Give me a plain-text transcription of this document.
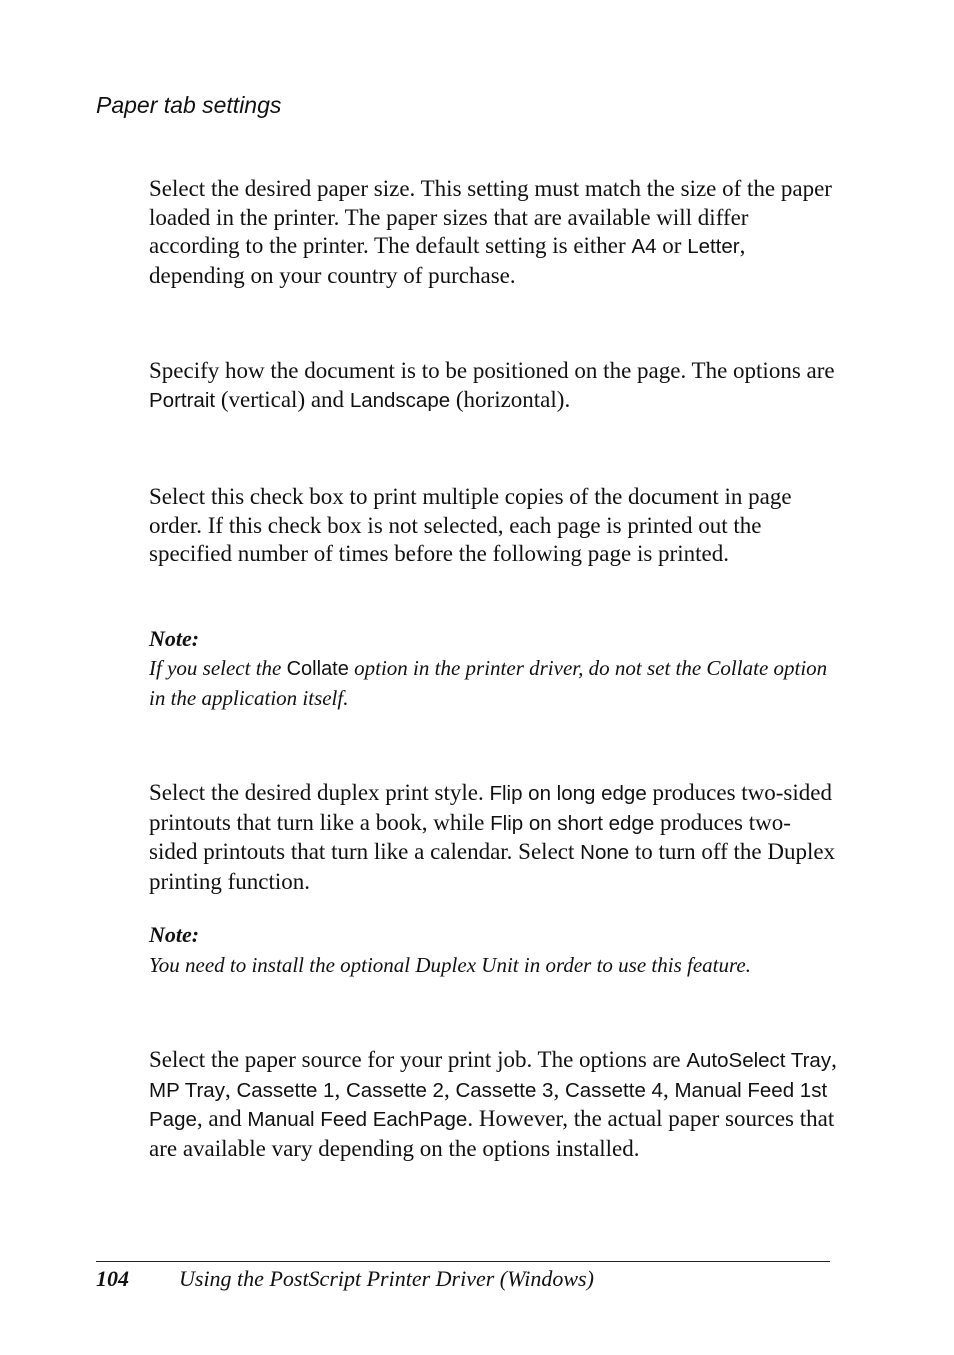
Paper tab settings

Select the desired paper size. This setting must match the size of the paper loaded in the printer. The paper sizes that are available will differ according to the printer. The default setting is either A4 or Letter, depending on your country of purchase.

Specify how the document is to be positioned on the page. The options are Portrait (vertical) and Landscape (horizontal).

Select this check box to print multiple copies of the document in page order. If this check box is not selected, each page is printed out the specified number of times before the following page is printed.

Note:

If you select the Collate option in the printer driver, do not set the Collate option in the application itself.

Select the desired duplex print style. Flip on long edge produces two-sided printouts that turn like a book, while Flip on short edge produces two-sided printouts that turn like a calendar. Select None to turn off the Duplex printing function.

Note:

You need to install the optional Duplex Unit in order to use this feature.

Select the paper source for your print job. The options are AutoSelect Tray, MP Tray, Cassette 1, Cassette 2, Cassette 3, Cassette 4, Manual Feed 1st Page, and Manual Feed EachPage. However, the actual paper sources that are available vary depending on the options installed.

104 Using the PostScript Printer Driver (Windows)
